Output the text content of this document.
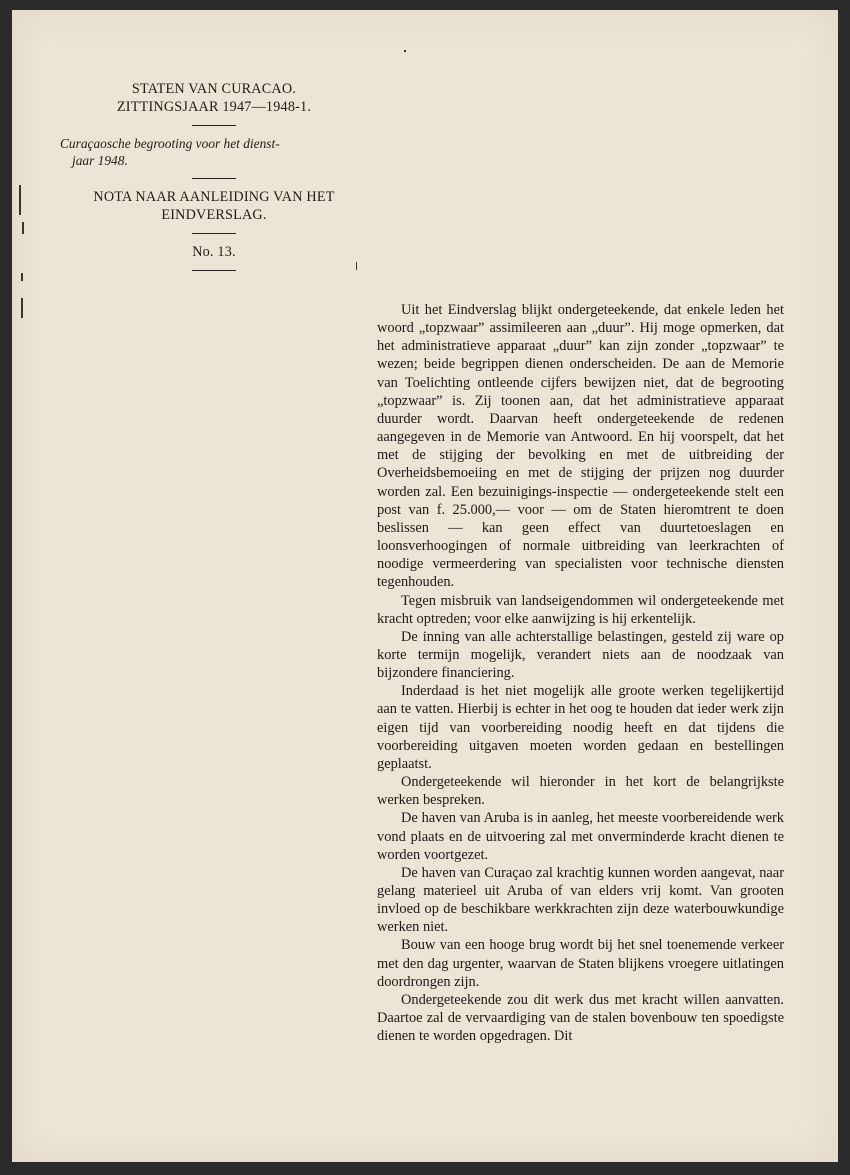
STATEN VAN CURACAO.
ZITTINGSJAAR 1947—1948-1.
Curaçaosche begrooting voor het dienst-
jaar 1948.
NOTA NAAR AANLEIDING VAN HET
EINDVERSLAG.
No. 13.

Uit het Eindverslag blijkt ondergeteekende, dat enkele leden het woord „topzwaar” assimileeren aan „duur”. Hij moge opmerken, dat het administratieve apparaat „duur” kan zijn zonder „topzwaar” te wezen; beide begrippen dienen onderscheiden. De aan de Memorie van Toelichting ontleende cijfers bewijzen niet, dat de begrooting „topzwaar” is. Zij toonen aan, dat het administratieve apparaat duurder wordt. Daarvan heeft ondergeteekende de redenen aangegeven in de Memorie van Antwoord. En hij voorspelt, dat het met de stijging der bevolking en met de uitbreiding der Overheidsbemoeiing en met de stijging der prijzen nog duurder worden zal. Een bezuinigings-inspectie — ondergeteekende stelt een post van f. 25.000,— voor — om de Staten hieromtrent te doen beslissen — kan geen effect van duurtetoeslagen en loonsverhoogingen of normale uitbreiding van leerkrachten of noodige vermeerdering van specialisten voor technische diensten tegenhouden.

Tegen misbruik van landseigendommen wil ondergeteekende met kracht optreden; voor elke aanwijzing is hij erkentelijk.

De inning van alle achterstallige belastingen, gesteld zij ware op korte termijn mogelijk, verandert niets aan de noodzaak van bijzondere financiering.

Inderdaad is het niet mogelijk alle groote werken tegelijkertijd aan te vatten. Hierbij is echter in het oog te houden dat ieder werk zijn eigen tijd van voorbereiding noodig heeft en dat tijdens die voorbereiding uitgaven moeten worden gedaan en bestellingen geplaatst.

Ondergeteekende wil hieronder in het kort de belangrijkste werken bespreken.

De haven van Aruba is in aanleg, het meeste voorbereidende werk vond plaats en de uitvoering zal met onverminderde kracht dienen te worden voortgezet.

De haven van Curaçao zal krachtig kunnen worden aangevat, naar gelang materieel uit Aruba of van elders vrij komt. Van grooten invloed op de beschikbare werkkrachten zijn deze waterbouwkundige werken niet.

Bouw van een hooge brug wordt bij het snel toenemende verkeer met den dag urgenter, waarvan de Staten blijkens vroegere uitlatingen doordrongen zijn.

Ondergeteekende zou dit werk dus met kracht willen aanvatten. Daartoe zal de vervaardiging van de stalen bovenbouw ten spoedigste dienen te worden opgedragen. Dit
